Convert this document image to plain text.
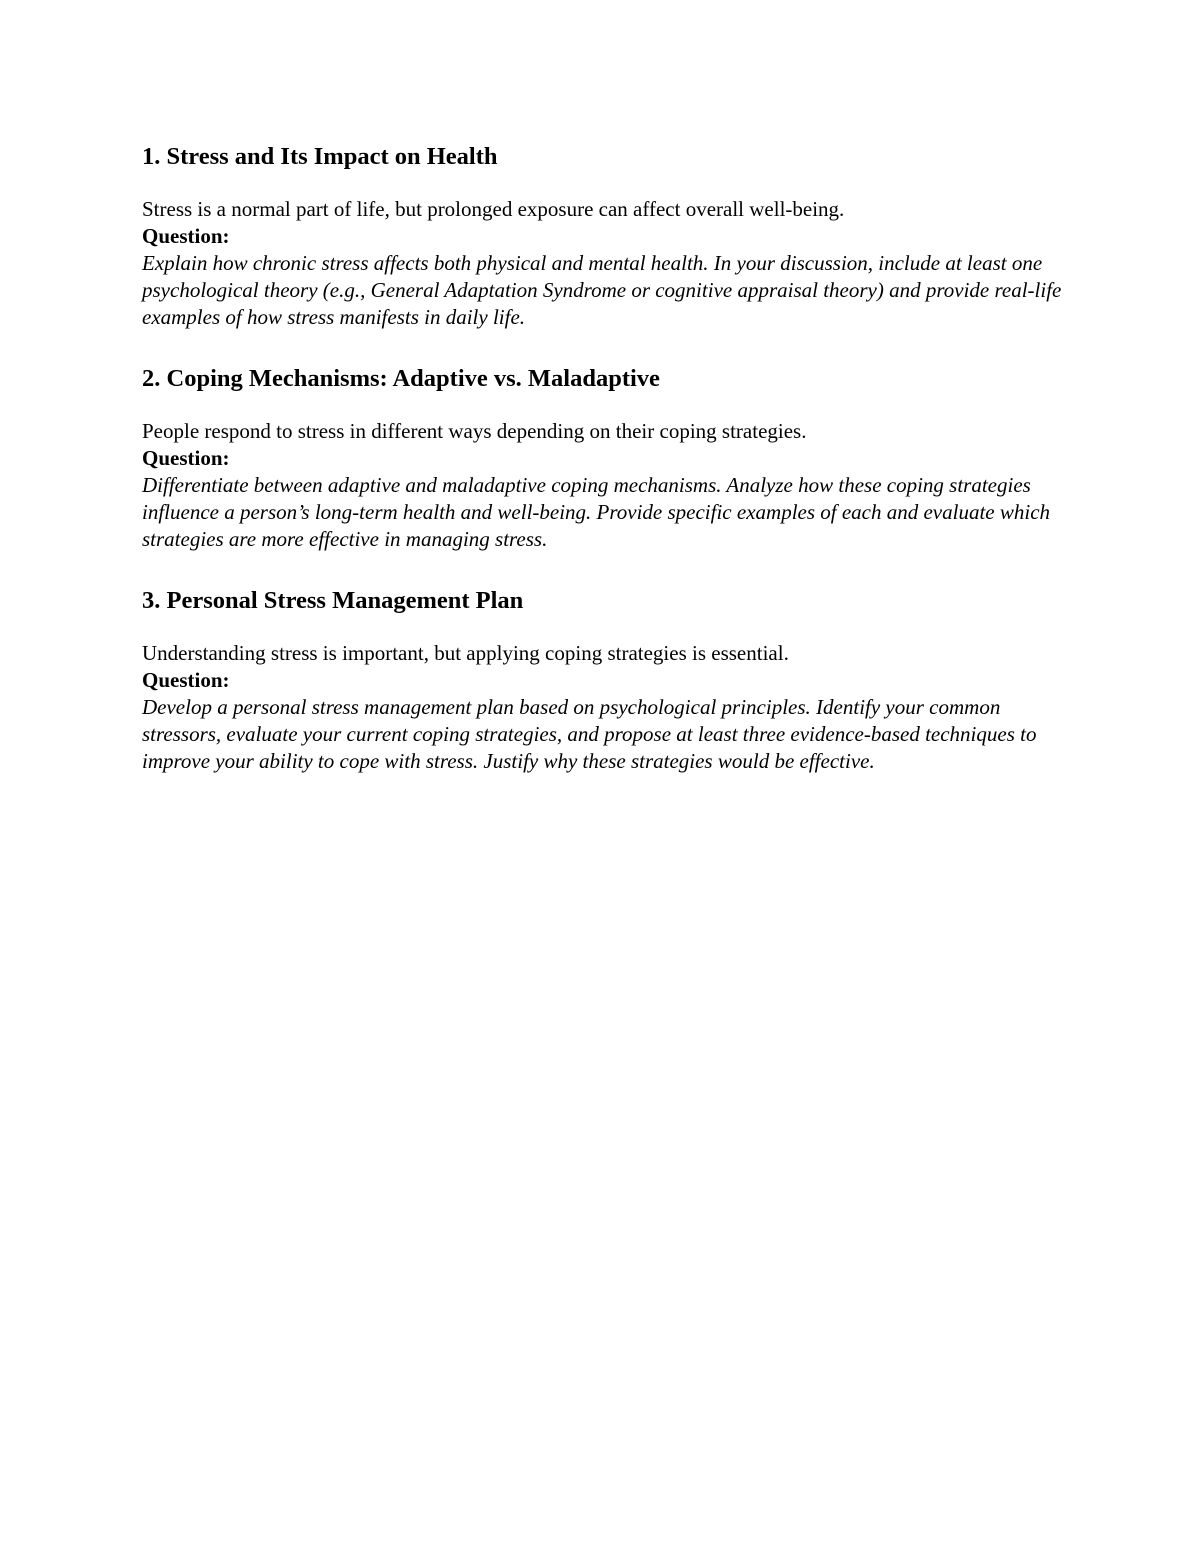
1. Stress and Its Impact on Health

Stress is a normal part of life, but prolonged exposure can affect overall well-being.

Question:

Explain how chronic stress affects both physical and mental health. In your discussion, include at least one psychological theory (e.g., General Adaptation Syndrome or cognitive appraisal theory) and provide real-life examples of how stress manifests in daily life.

2. Coping Mechanisms: Adaptive vs. Maladaptive

People respond to stress in different ways depending on their coping strategies.

Question:

Differentiate between adaptive and maladaptive coping mechanisms. Analyze how these coping strategies influence a person’s long-term health and well-being. Provide specific examples of each and evaluate which strategies are more effective in managing stress.

3. Personal Stress Management Plan

Understanding stress is important, but applying coping strategies is essential.

Question:

Develop a personal stress management plan based on psychological principles. Identify your common stressors, evaluate your current coping strategies, and propose at least three evidence-based techniques to improve your ability to cope with stress. Justify why these strategies would be effective.
